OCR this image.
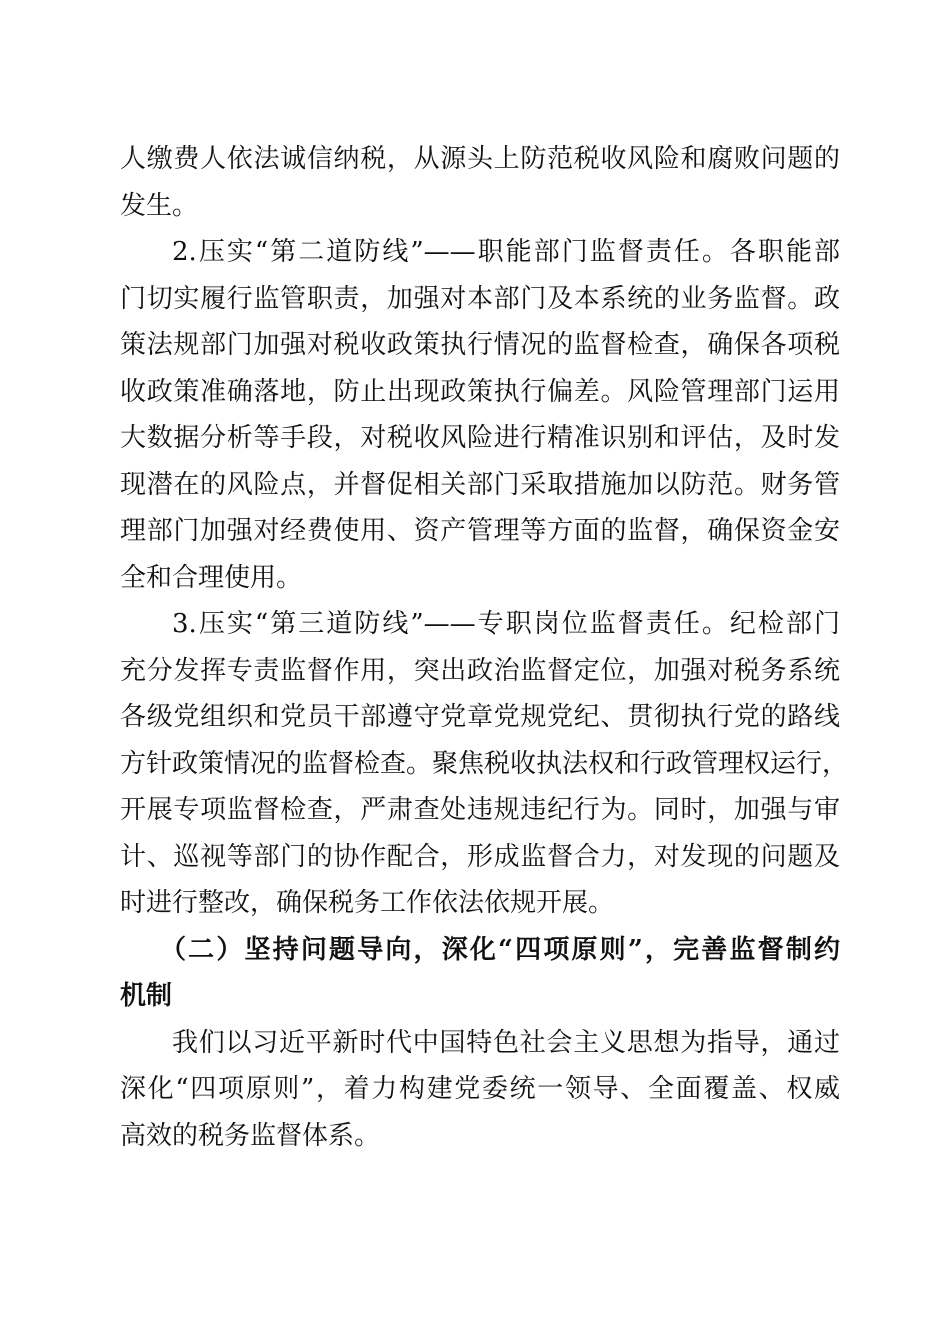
人缴费人依法诚信纳税，从源头上防范税收风险和腐败问题的
发生。
2.压实“第二道防线”——职能部门监督责任。各职能部
门切实履行监管职责，加强对本部门及本系统的业务监督。政
策法规部门加强对税收政策执行情况的监督检查，确保各项税
收政策准确落地，防止出现政策执行偏差。风险管理部门运用
大数据分析等手段，对税收风险进行精准识别和评估，及时发
现潜在的风险点，并督促相关部门采取措施加以防范。财务管
理部门加强对经费使用、资产管理等方面的监督，确保资金安
全和合理使用。
3.压实“第三道防线”——专职岗位监督责任。纪检部门
充分发挥专责监督作用，突出政治监督定位，加强对税务系统
各级党组织和党员干部遵守党章党规党纪、贯彻执行党的路线
方针政策情况的监督检查。聚焦税收执法权和行政管理权运行，
开展专项监督检查，严肃查处违规违纪行为。同时，加强与审
计、巡视等部门的协作配合，形成监督合力，对发现的问题及
时进行整改，确保税务工作依法依规开展。
（二）坚持问题导向，深化“四项原则”，完善监督制约
机制
我们以习近平新时代中国特色社会主义思想为指导，通过
深化“四项原则”，着力构建党委统一领导、全面覆盖、权威
高效的税务监督体系。
